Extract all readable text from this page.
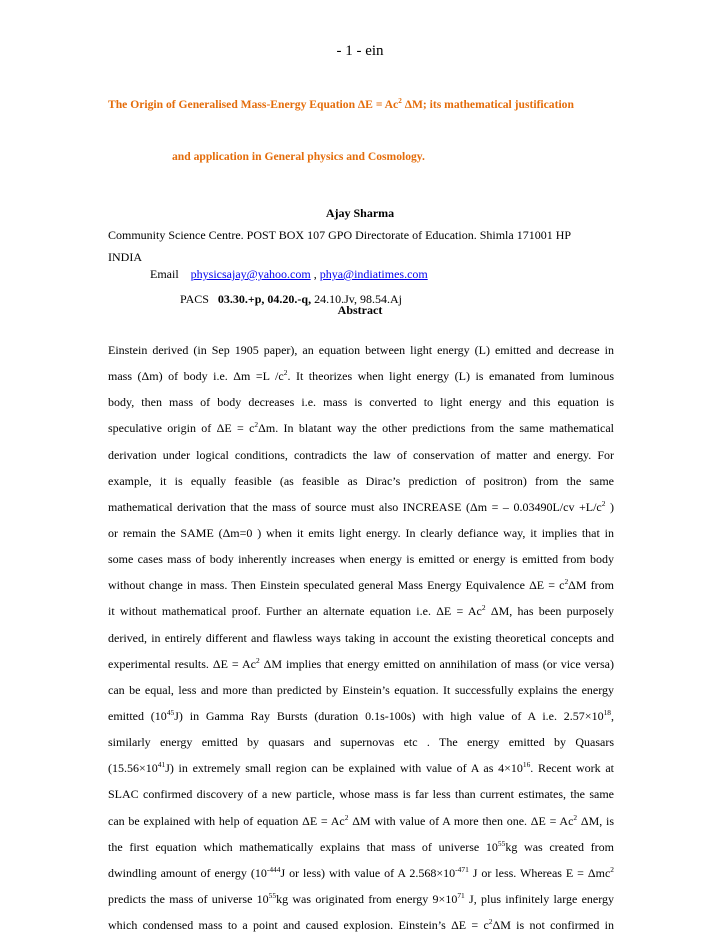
- 1 - ein
The Origin of Generalised Mass-Energy Equation $\Delta E = Ac^2$ ΔM; its mathematical justification
and application in General physics and Cosmology.
Ajay Sharma
Community Science Centre. POST BOX 107 GPO Directorate of Education. Shimla 171001 HP
INDIA
Email physicsajay@yahoo.com , phya@indiatimes.com
PACS 03.30.+p, 04.20.-q, 24.10.Jv, 98.54.Aj
Abstract
Einstein derived (in Sep 1905 paper), an equation between light energy (L) emitted and decrease in
mass (Δm) of body i.e. Δm =L $/c^2$. It theorizes when light energy (L) is emanated from luminous
body, then mass of body decreases i.e. mass is converted to light energy and this equation is
speculative origin of $\Delta E = c^2\Delta m$. In blatant way the other predictions from the same mathematical
derivation under logical conditions, contradicts the law of conservation of matter and energy. For
example, it is equally feasible (as feasible as Dirac’s prediction of positron) from the same
mathematical derivation that the mass of source must also INCREASE (Δm = – $0.03490L/cv +L/c^2$ )
or remain the SAME (Δm=0 ) when it emits light energy. In clearly defiance way, it implies that in
some cases mass of body inherently increases when energy is emitted or energy is emitted from body
without change in mass. Then Einstein speculated general Mass Energy Equivalence $\Delta E = c^2\Delta M$ from
it without mathematical proof. Further an alternate equation i.e. $\Delta E = Ac^2$ ΔM, has been purposely
derived, in entirely different and flawless ways taking in account the existing theoretical concepts and
experimental results. $\Delta E = Ac^2$ ΔM implies that energy emitted on annihilation of mass (or vice versa)
can be equal, less and more than predicted by Einstein’s equation. It successfully explains the energy
emitted $(10^{45}J)$ in Gamma Ray Bursts (duration 0.1s-100s) with high value of A i.e. $2.57\times 10^{18}$,
similarly energy emitted by quasars and supernovas etc . The energy emitted by Quasars
$(15.56\times 10^{41}J)$ in extremely small region can be explained with value of A as $4\times 10^{16}$. Recent work at
SLAC confirmed discovery of a new particle, whose mass is far less than current estimates, the same
can be explained with help of equation $\Delta E = Ac^2$ ΔM with value of A more then one. $\Delta E = Ac^2$ ΔM, is
the first equation which mathematically explains that mass of universe $10^{55}kg$ was created from
dwindling amount of energy ($10^{-444}J$ or less) with value of A $2.568\times 10^{-471}$ J or less. Whereas E = Δmc$^2$
predicts the mass of universe $10^{55}kg$ was originated from energy $9\times 10^{71}$ J, plus infinitely large energy
which condensed mass to a point and caused explosion. Einstein’s $\Delta E = c^2\Delta M$ is not confirmed in
